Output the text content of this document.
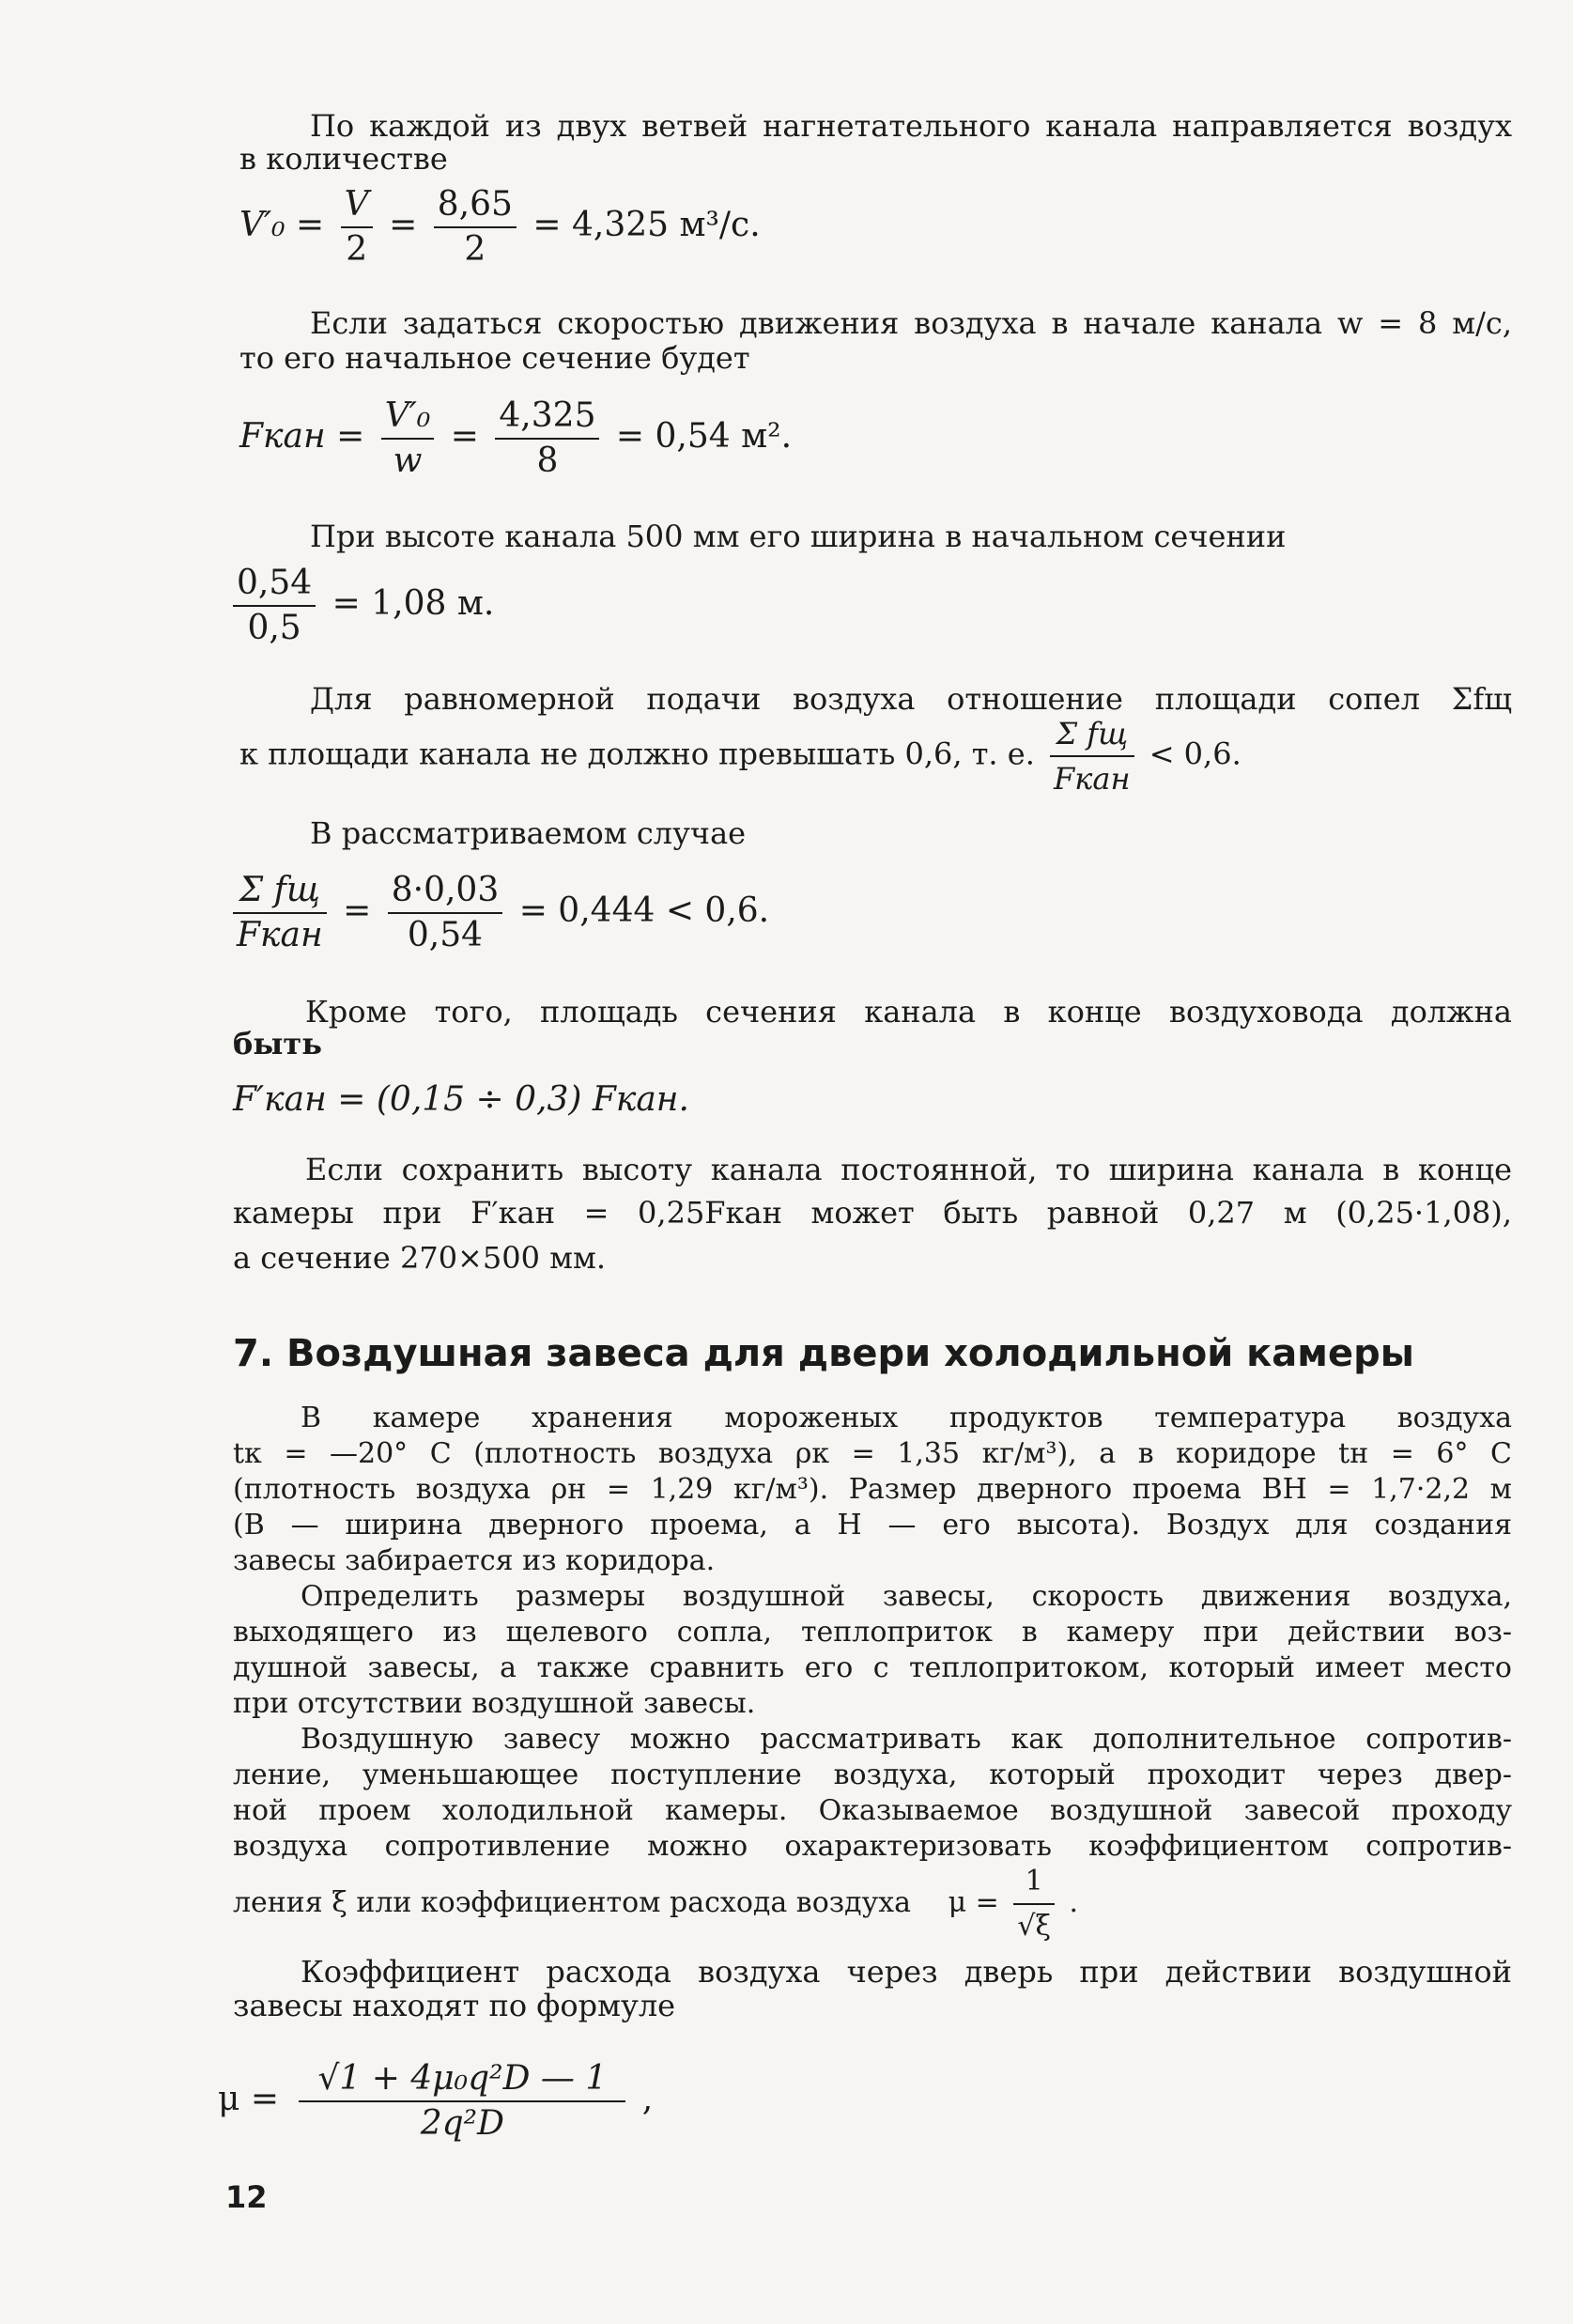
По каждой из двух ветвей нагнетательного канала направляется воздух
в количестве
$V'_0 = \frac{V}{2} = \frac{8,65}{2} = 4,325$ м³/с.
Если задаться скоростью движения воздуха в начале канала w = 8 м/с,
то его начальное сечение будет
Fкан = $\frac{\text{V′₀}}{w} = \frac{4,325}{8} = 0,54$ м².
При высоте канала 500 мм его ширина в начальном сечении
$\frac{0,54}{0,5} = 1,08$ м.
Для равномерной подачи воздуха отношение площади сопел Σfщ
к площади канала не должно превышать 0,6, т. е. $\frac{\text{Σ fщ}}{\text{Fкан}} < 0,6$.
В рассматриваемом случае
$\frac{\text{Σ fщ}}{\text{Fкан}} = \frac{8\cdot 0,03}{0,54} = 0,444 < 0,6$.
Кроме того, площадь сечения канала в конце воздуховода должна
быть
F′кан = (0,15 ÷ 0,3) Fкан.
Если сохранить высоту канала постоянной, то ширина канала в конце
камеры при F′кан = 0,25Fкан может быть равной 0,27 м (0,25·1,08),
а сечение 270×500 мм.
7. Воздушная завеса для двери холодильной камеры
В камере хранения мороженых продуктов температура воздуха
tк = —20° С (плотность воздуха ρк = 1,35 кг/м³), а в коридоре tн = 6° С
(плотность воздуха ρн = 1,29 кг/м³). Размер дверного проема BH = 1,7·2,2 м
(B — ширина дверного проема, а H — его высота). Воздух для создания
завесы забирается из коридора.
Определить размеры воздушной завесы, скорость движения воздуха,
выходящего из щелевого сопла, теплоприток в камеру при действии воз-
душной завесы, а также сравнить его с теплопритоком, который имеет место
при отсутствии воздушной завесы.
Воздушную завесу можно рассматривать как дополнительное сопротив-
ление, уменьшающее поступление воздуха, который проходит через двер-
ной проем холодильной камеры. Оказываемое воздушной завесой проходу
воздуха сопротивление можно охарактеризовать коэффициентом сопротив-
ления ξ или коэффициентом расхода воздуха $\mu = \frac{1}{√\xi}$ .
Коэффициент расхода воздуха через дверь при действии воздушной
завесы находят по формуле
$\mu = \frac{\text{√1 + 4μ₀q²D — 1}}{\text{2q²D}}$ ,
12
